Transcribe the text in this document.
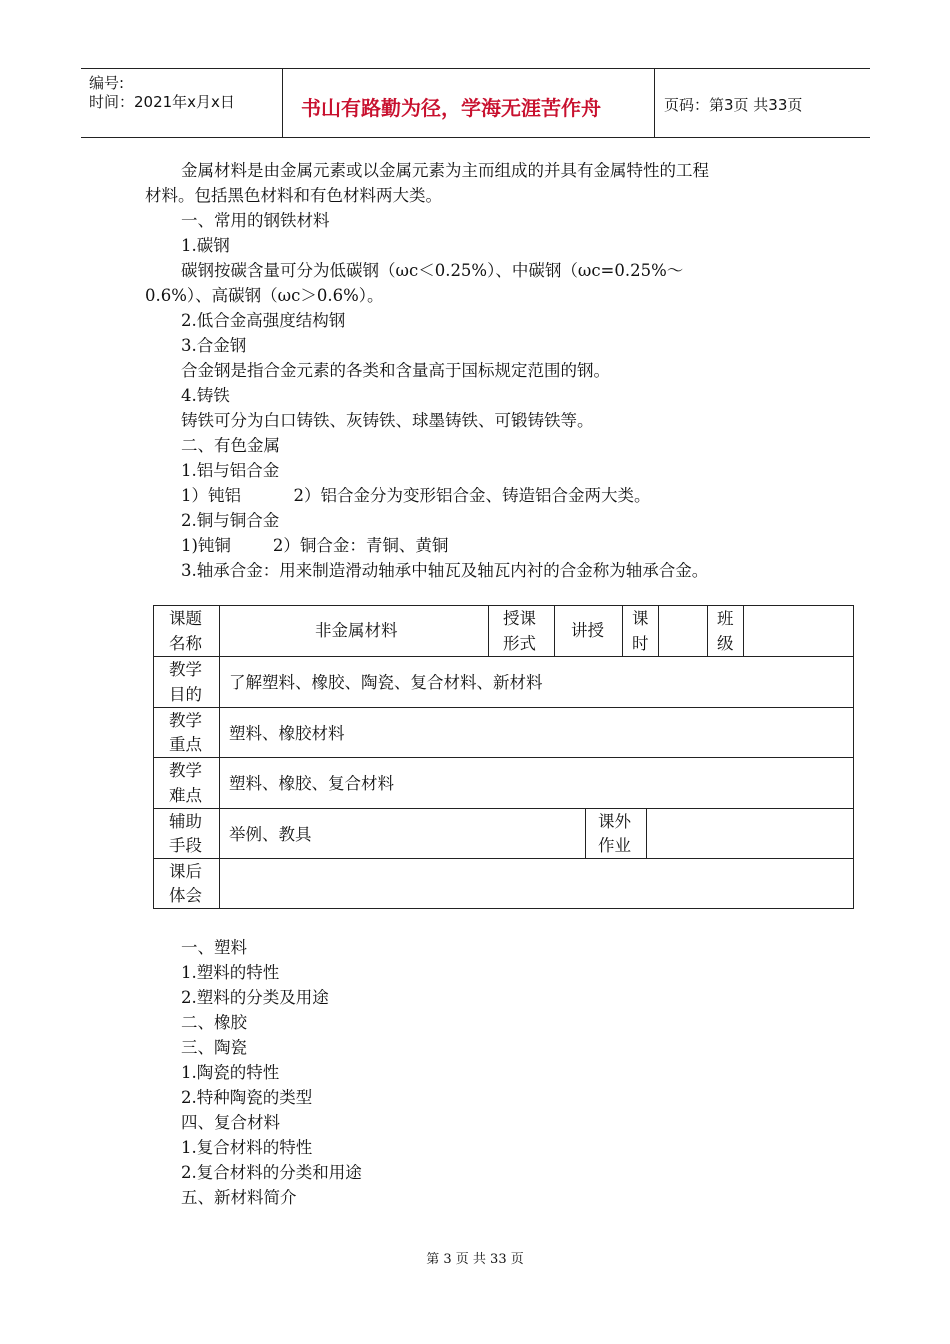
编号:
时间：2021年x月x日	书山有路勤为径，学海无涯苦作舟	页码：第3页 共33页
金属材料是由金属元素或以金属元素为主而组成的并具有金属特性的工程
材料。包括黑色材料和有色材料两大类。
一、常用的钢铁材料
1.碳钢
碳钢按碳含量可分为低碳钢（ωc＜0.25%）、中碳钢（ωc=0.25%～
0.6%）、高碳钢（ωc＞0.6%）。
2.低合金高强度结构钢
3.合金钢
合金钢是指合金元素的各类和含量高于国标规定范围的钢。
4.铸铁
铸铁可分为白口铸铁、灰铸铁、球墨铸铁、可锻铸铁等。
二、有色金属
1.铝与铝合金
1）钝铝          2）铝合金分为变形铝合金、铸造铝合金两大类。
2.铜与铜合金
1)钝铜        2）铜合金：青铜、黄铜
3.轴承合金：用来制造滑动轴承中轴瓦及轴瓦内衬的合金称为轴承合金。
课题
名称
非金属材料
授课
形式
讲授
课
时
班
级
教学
目的
了解塑料、橡胶、陶瓷、复合材料、新材料
教学
重点
塑料、橡胶材料
教学
难点
塑料、橡胶、复合材料
辅助
手段
举例、教具
课外
作业
课后
体会
一、塑料
1.塑料的特性
2.塑料的分类及用途
二、橡胶
三、陶瓷
1.陶瓷的特性
2.特种陶瓷的类型
四、复合材料
1.复合材料的特性
2.复合材料的分类和用途
五、新材料简介
第 3 页 共 33 页
